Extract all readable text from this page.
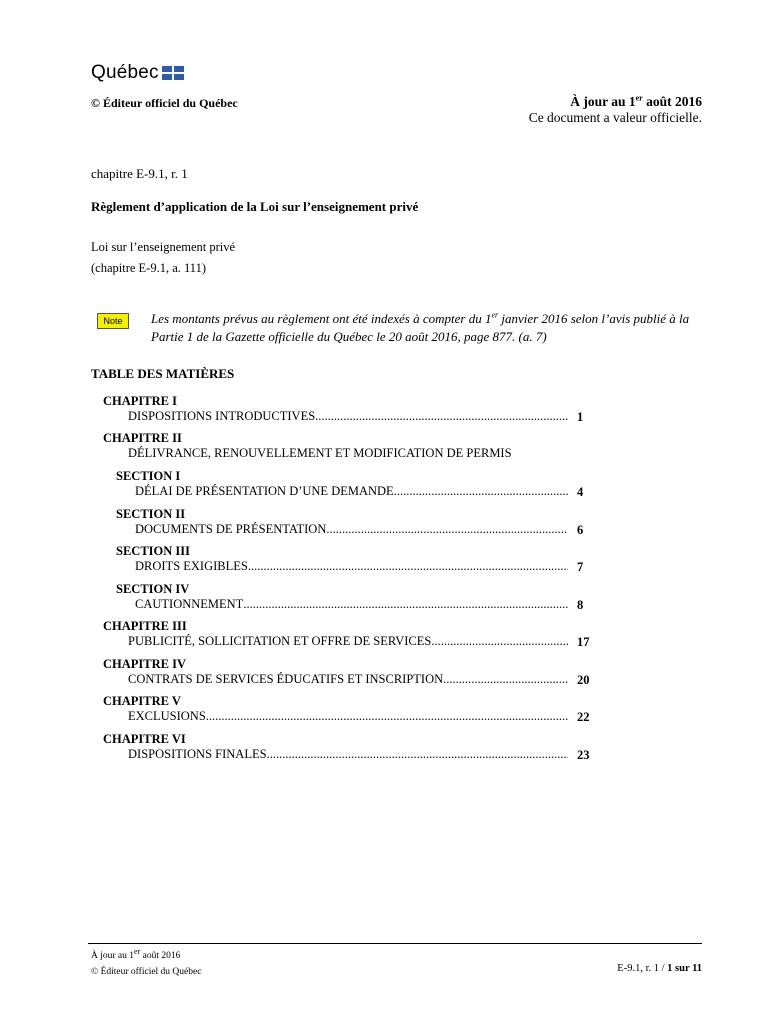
Québec
© Éditeur officiel du Québec	À jour au 1er août 2016
Ce document a valeur officielle.
chapitre E-9.1, r. 1
Règlement d’application de la Loi sur l’enseignement privé
Loi sur l’enseignement privé
(chapitre E-9.1, a. 111)
Note	Les montants prévus au règlement ont été indexés à compter du 1er janvier 2016 selon l’avis publié à la Partie 1 de la Gazette officielle du Québec le 20 août 2016, page 877. (a. 7)
TABLE DES MATIÈRES
CHAPITRE I
DISPOSITIONS INTRODUCTIVES .....	1
CHAPITRE II
DÉLIVRANCE, RENOUVELLEMENT ET MODIFICATION DE PERMIS
SECTION I
DÉLAI DE PRÉSENTATION D’UNE DEMANDE .....	4
SECTION II
DOCUMENTS DE PRÉSENTATION .....	6
SECTION III
DROITS EXIGIBLES .....	7
SECTION IV
CAUTIONNEMENT .....	8
CHAPITRE III
PUBLICITÉ, SOLLICITATION ET OFFRE DE SERVICES .....	17
CHAPITRE IV
CONTRATS DE SERVICES ÉDUCATIFS ET INSCRIPTION .....	20
CHAPITRE V
EXCLUSIONS .....	22
CHAPITRE VI
DISPOSITIONS FINALES .....	23
À jour au 1er août 2016
© Éditeur officiel du Québec	E-9.1, r. 1 / 1 sur 11
